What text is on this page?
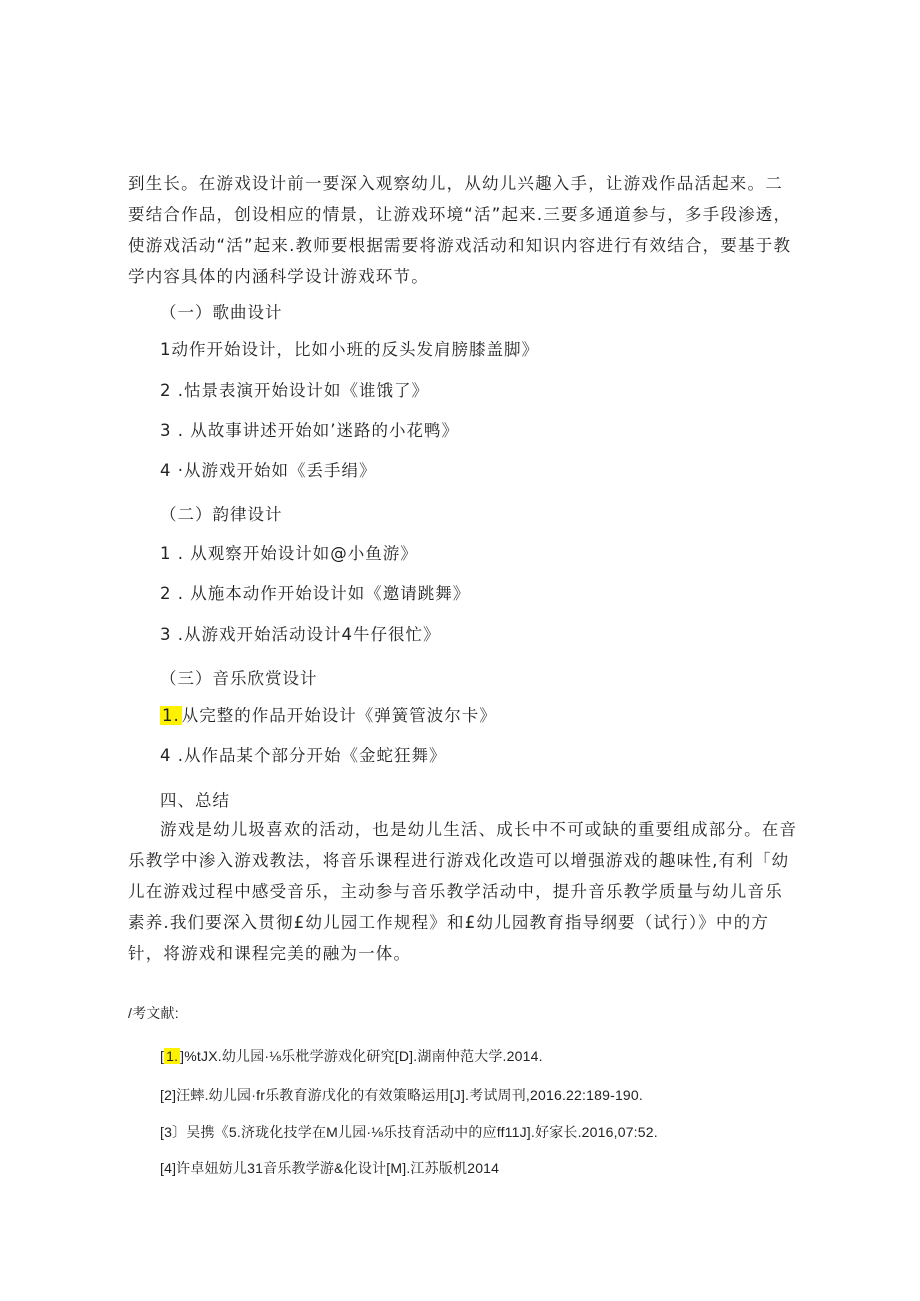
到生长。在游戏设计前一要深入观察幼儿，从幼儿兴趣入手，让游戏作品活起来。二要结合作品，创设相应的情景，让游戏环境“活”起来.三要多通道参与，多手段渗透，使游戏活动“活”起来.教师要根据需要将游戏活动和知识内容进行有效结合，要基于教学内容具体的内涵科学设计游戏环节。

（一）歌曲设计
1动作开始设计，比如小班的反头发肩膀膝盖脚》
2 .怙景表演开始设计如《谁饿了》
3 . 从故事讲述开始如’迷路的小花鸭》
4 ·从游戏开始如《丢手绢》
（二）韵律设计
1 . 从观察开始设计如@小鱼游》
2 . 从施本动作开始设计如《邀请跳舞》
3 .从游戏开始活动设计4牛仔很忙》
（三）音乐欣赏设计
1. 从完整的作品开始设计《弹簧管波尔卡》
4 .从作品某个部分开始《金蛇狂舞》
四、总结

游戏是幼儿圾喜欢的活动，也是幼儿生活、成长中不可或缺的重要组成部分。在音乐教学中渗入游戏教法，将音乐课程进行游戏化改造可以增强游戏的趣味性,有利「幼儿在游戏过程中感受音乐，主动参与音乐教学活动中，提升音乐教学质量与幼儿音乐素养.我们要深入贯彻£幼儿园工作规程》和£幼儿园教育指导纲要（试行）》中的方针，将游戏和课程完美的融为一体。

/考文献:
[ 1. ]%tJX.幼儿园·⅛乐枇学游戏化研究[D].湖南仲范大学.2014.
[2]汪蟀.幼儿园·fr乐教育游戊化的有效策略运用[J].考试周刊,2016.22:189-190.
[3〕吴携《5.济珑化技学在M儿园·⅛乐技育活动中的应ff11J].好家长.2016,07:52.
[4]许卓妞妨儿31音乐教学游&化设计[M].江苏版机2014
